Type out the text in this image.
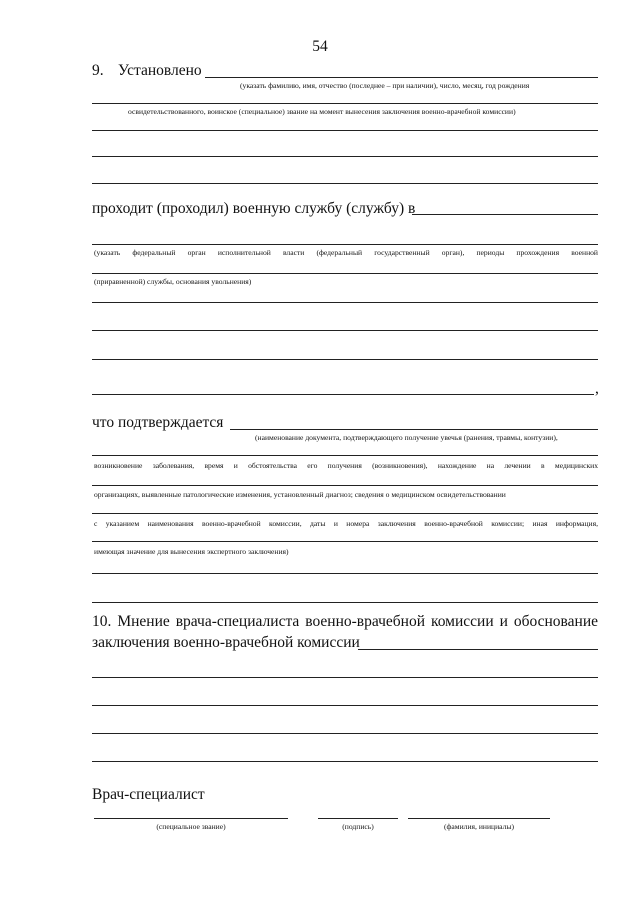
54
9. Установлено
(указать фамилию, имя, отчество (последнее – при наличии), число, месяц, год рождения
освидетельствованного, воинское (специальное) звание на момент вынесения заключения военно-врачебной комиссии)
проходит (проходил) военную службу (службу) в
(указать федеральный орган исполнительной власти (федеральный государственный орган), периоды прохождения военной
(приравненной) службы, основания увольнения)
,
что подтверждается
(наименование документа, подтверждающего получение увечья (ранения, травмы, контузии),
возникновение заболевания, время и обстоятельства его получения (возникновения), нахождение на лечении в медицинских
организациях, выявленные патологические изменения, установленный диагноз; сведения о медицинском освидетельствовании
с указанием наименования военно-врачебной комиссии, даты и номера заключения военно-врачебной комиссии; иная информация,
имеющая значение для вынесения экспертного заключения)
10. Мнение врача-специалиста военно-врачебной комиссии и обоснование
заключения военно-врачебной комиссии
Врач-специалист
(специальное звание)	(подпись)	(фамилия, инициалы)
